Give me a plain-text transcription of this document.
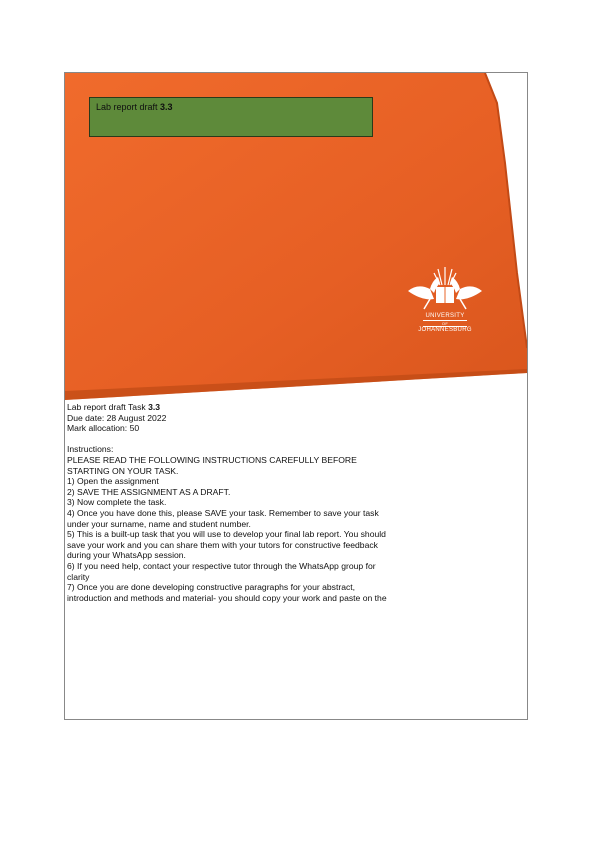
Lab report draft 3.3
UNIVERSITY
OF
JOHANNESBURG

Lab report draft Task 3.3

Due date: 28 August 2022

Mark allocation: 50

Instructions:

PLEASE READ THE FOLLOWING INSTRUCTIONS CAREFULLY BEFORE

STARTING ON YOUR TASK.

1) Open the assignment

2) SAVE THE ASSIGNMENT AS A DRAFT.

3) Now complete the task.

4) Once you have done this, please SAVE your task. Remember to save your task

under your surname, name and student number.

5) This is a built-up task that you will use to develop your final lab report. You should

save your work and you can share them with your tutors for constructive feedback

during your WhatsApp session.

6) If you need help, contact your respective tutor through the WhatsApp group for

clarity

7) Once you are done developing constructive paragraphs for your abstract,

introduction and methods and material- you should copy your work and paste on the
